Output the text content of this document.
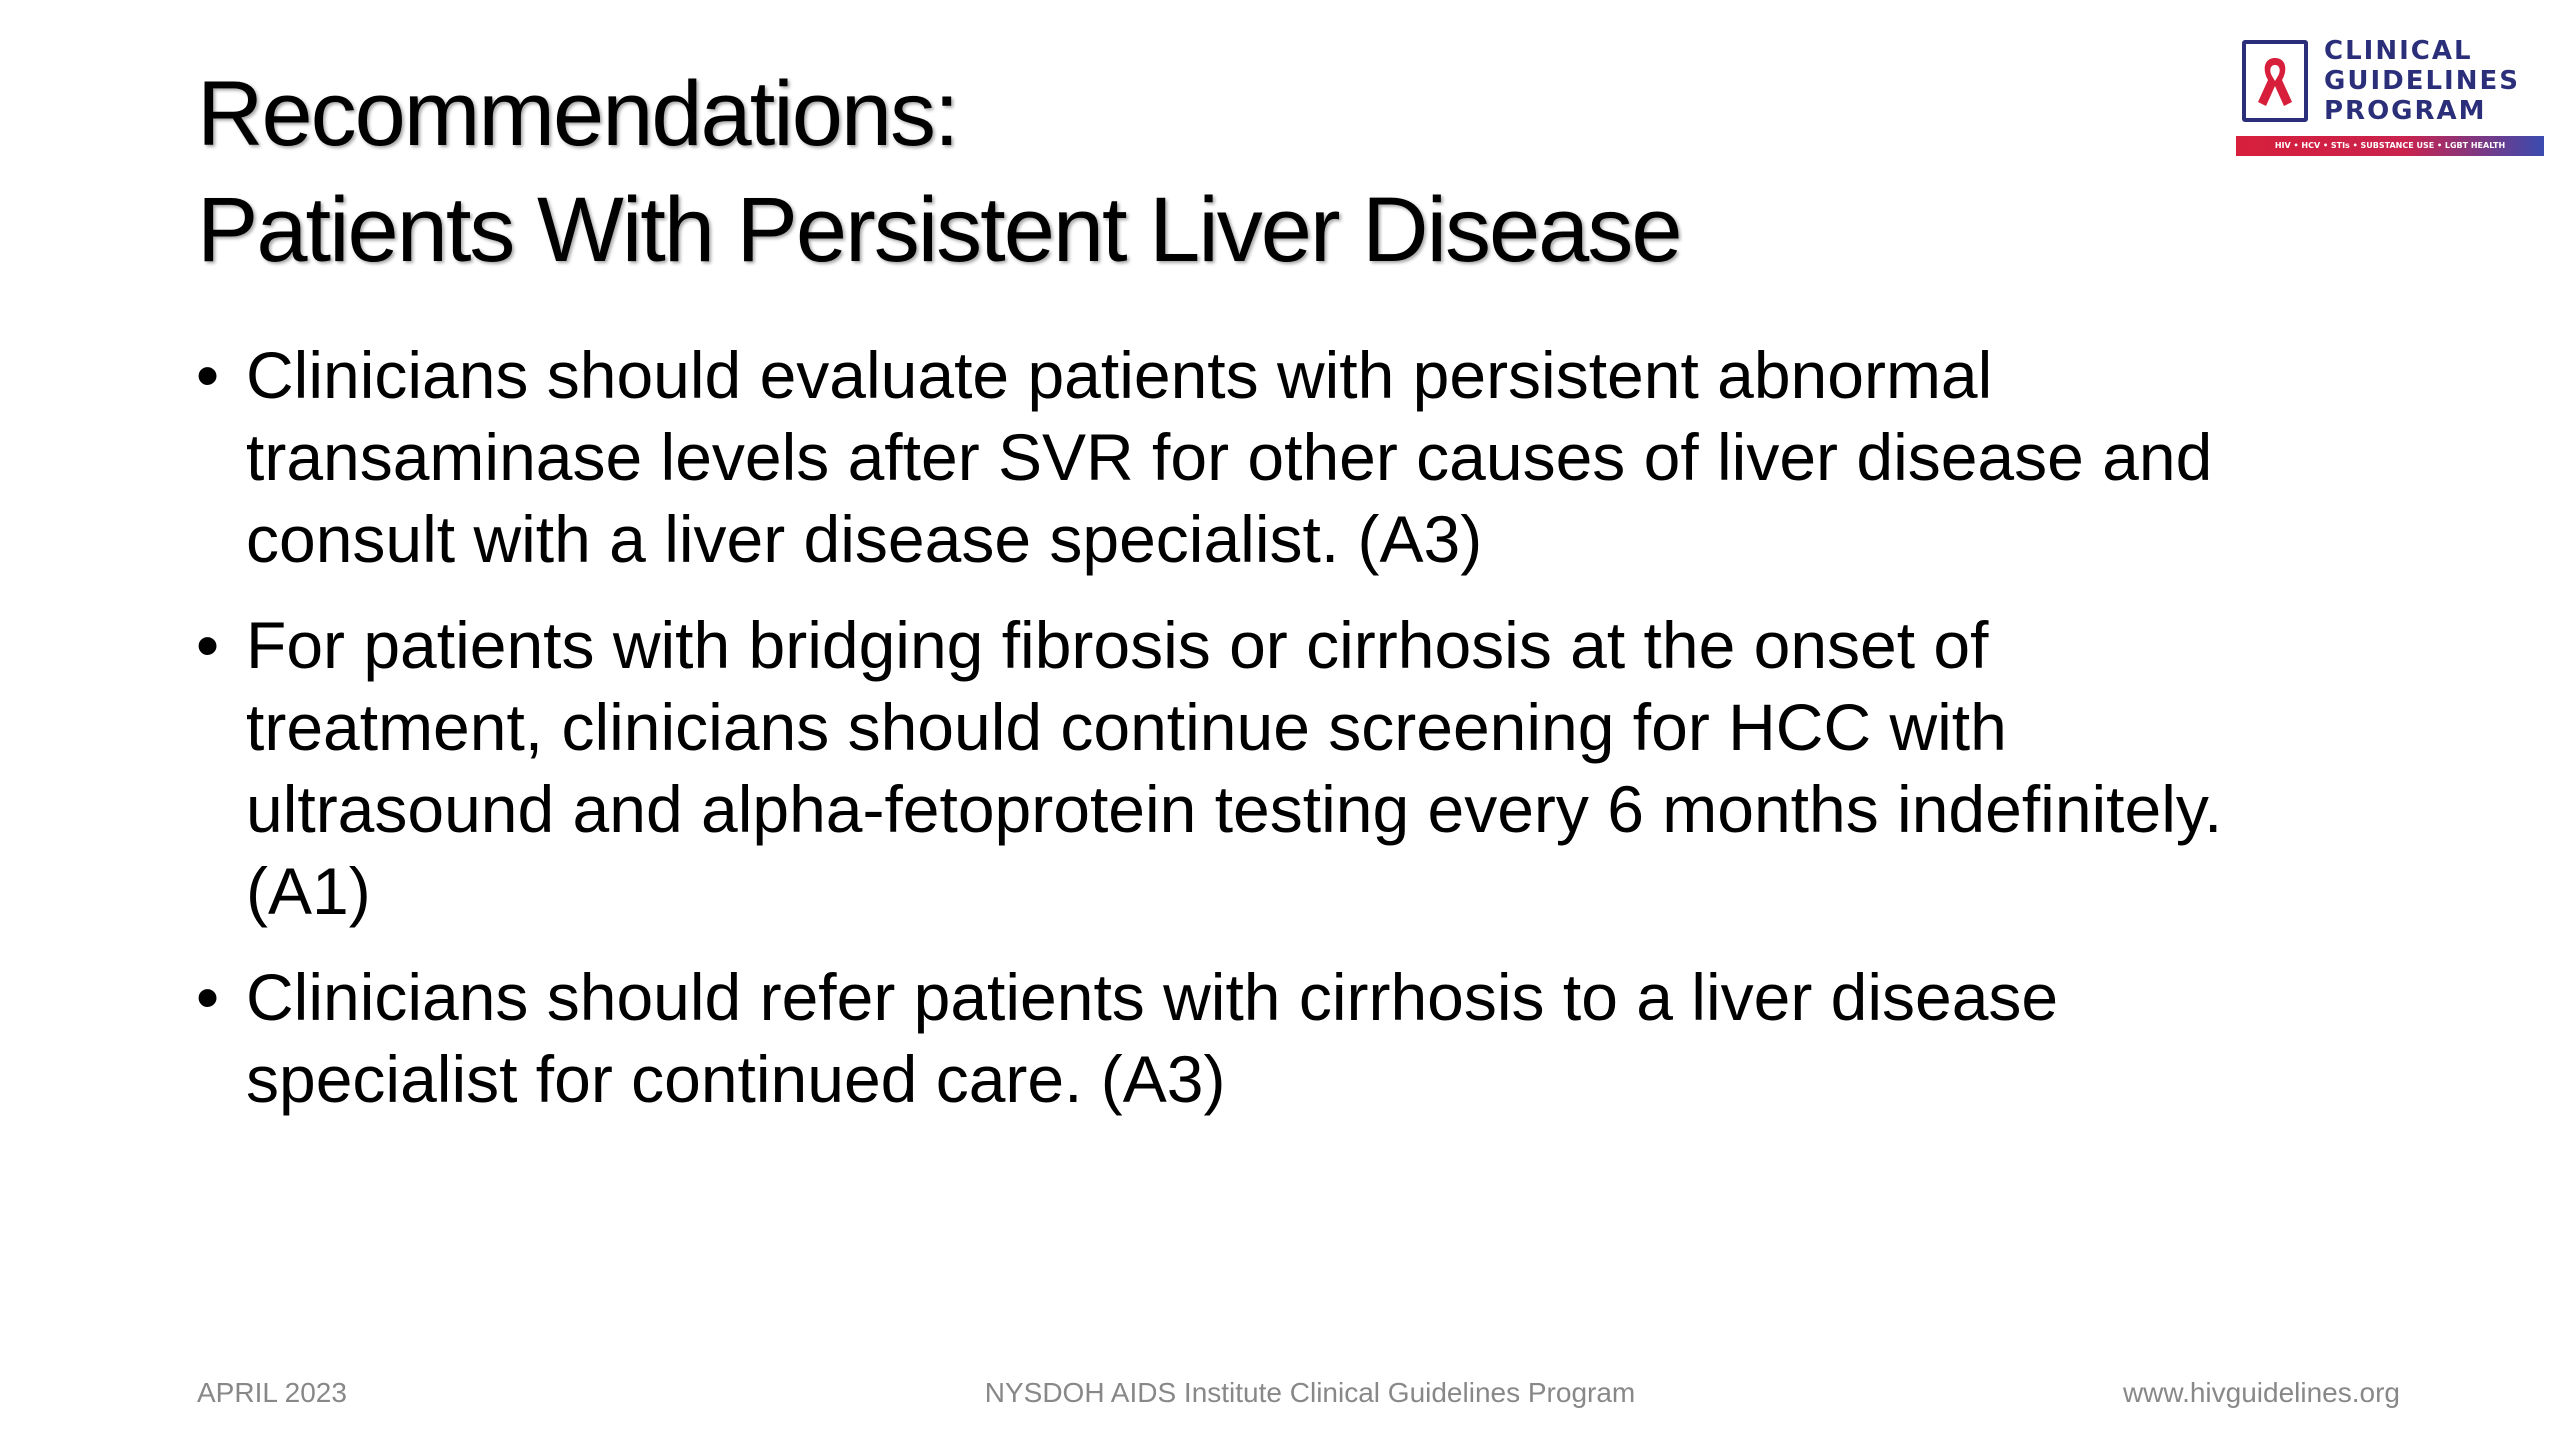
Recommendations:
Patients With Persistent Liver Disease
CLINICAL
GUIDELINES
PROGRAM
HIV • HCV • STIs • SUBSTANCE USE • LGBT HEALTH
• Clinicians should evaluate patients with persistent abnormal
transaminase levels after SVR for other causes of liver disease and
consult with a liver disease specialist. (A3)
• For patients with bridging fibrosis or cirrhosis at the onset of
treatment, clinicians should continue screening for HCC with
ultrasound and alpha-fetoprotein testing every 6 months indefinitely.
(A1)
• Clinicians should refer patients with cirrhosis to a liver disease
specialist for continued care. (A3)
APRIL 2023	NYSDOH AIDS Institute Clinical Guidelines Program	www.hivguidelines.org
